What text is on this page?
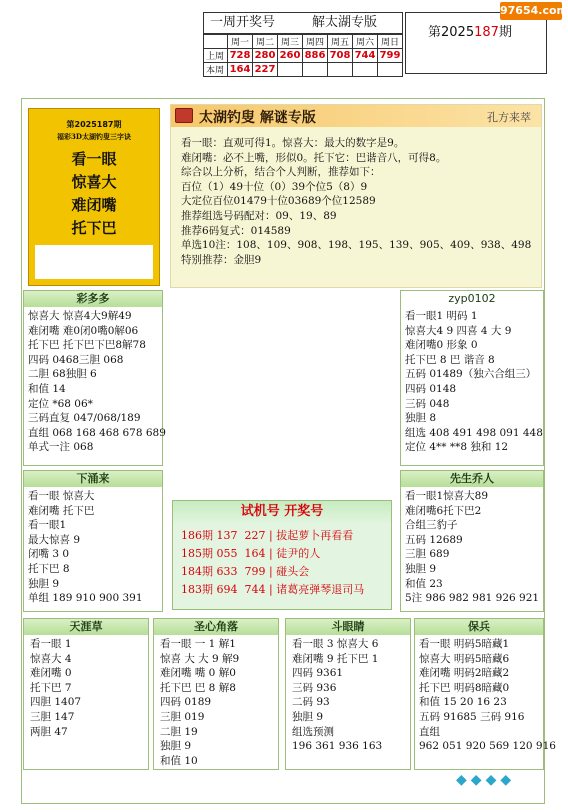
一周开奖号	解太湖专版
	周一	周二	周三	周四	周五	周六	周日
上周	728	280	260	886	708	744	799
本周	164	227					
第2025187期
97654.com
第2025187期
福彩3D太湖钓叟三字诀
看一眼
惊喜大
难闭嘴
托下巴
太湖钓叟 解谜专版	孔方来萃
看一眼：直观可得1。惊喜大：最大的数字是9。
难闭嘴：必不上嘴，形似0。托下它：巴谐音八，可得8。
综合以上分析，结合个人判断，推荐如下：
百位（1）49十位（0）39个位5（8）9
大定位百位01479十位03689个位12589
推荐组选号码配对：09、19、89
推荐6码复式：014589
单选10注：108、109、908、198、195、139、905、409、938、498
特别推荐：金胆9
彩多多
惊喜大 惊喜4大9解49
难闭嘴 难0闭0嘴0解06
托下巴 托下巴下巴8解78
四码 0468三胆 068
二胆 68独胆 6
和值 14
定位 *68 06*
三码直复 047/068/189
直组 068 168 468 678 689
单式一注 068
zyp0102
看一眼1 明码 1
惊喜大4 9 四喜 4 大 9
难闭嘴0 形象 0
托下巴 8 巴 谐音 8
五码 01489（独六合组三）
四码 0148
三码 048
独胆 8
组选 408 491 498 091 448
定位 4** **8 独和 12
下涌来
看一眼 惊喜大
难闭嘴 托下巴
看一眼1
最大惊喜 9
闭嘴 3 0
托下巴 8
独胆 9
单组 189 910 900 391
先生乔人
看一眼1惊喜大89
难闭嘴6托下巴2
合组三豹子
五码 12689
三胆 689
独胆 9
和值 23
5注 986 982 981 926 921
试机号 开奖号
186期 137 227 | 拔起萝卜再看看
185期 055 164 | 徒尹的人
184期 633 799 | 碰头会
183期 694 744 | 诸葛亮弹琴退司马
天涯草
看一眼 1
惊喜大 4
难闭嘴 0
托下巴 7
四胆 1407
三胆 147
两胆 47
圣心角落
看一眼 一 1 解1
惊喜 大 大 9 解9
难闭嘴 嘴 0 解0
托下巴 巴 8 解8
四码 0189
三胆 019
二胆 19
独胆 9
和值 10
斗眼睛
看一眼 3 惊喜大 6
难闭嘴 9 托下巴 1
四码 9361
三码 936
二码 93
独胆 9
组选预测
196 361 936 163
保兵
看一眼 明码5暗藏1
惊喜大 明码5暗藏6
难闭嘴 明码2暗藏2
托下巴 明码8暗藏0
和值 15 20 16 23
五码 91685 三码 916
直组
962 051 920 569 120 916
◆◆◆◆
